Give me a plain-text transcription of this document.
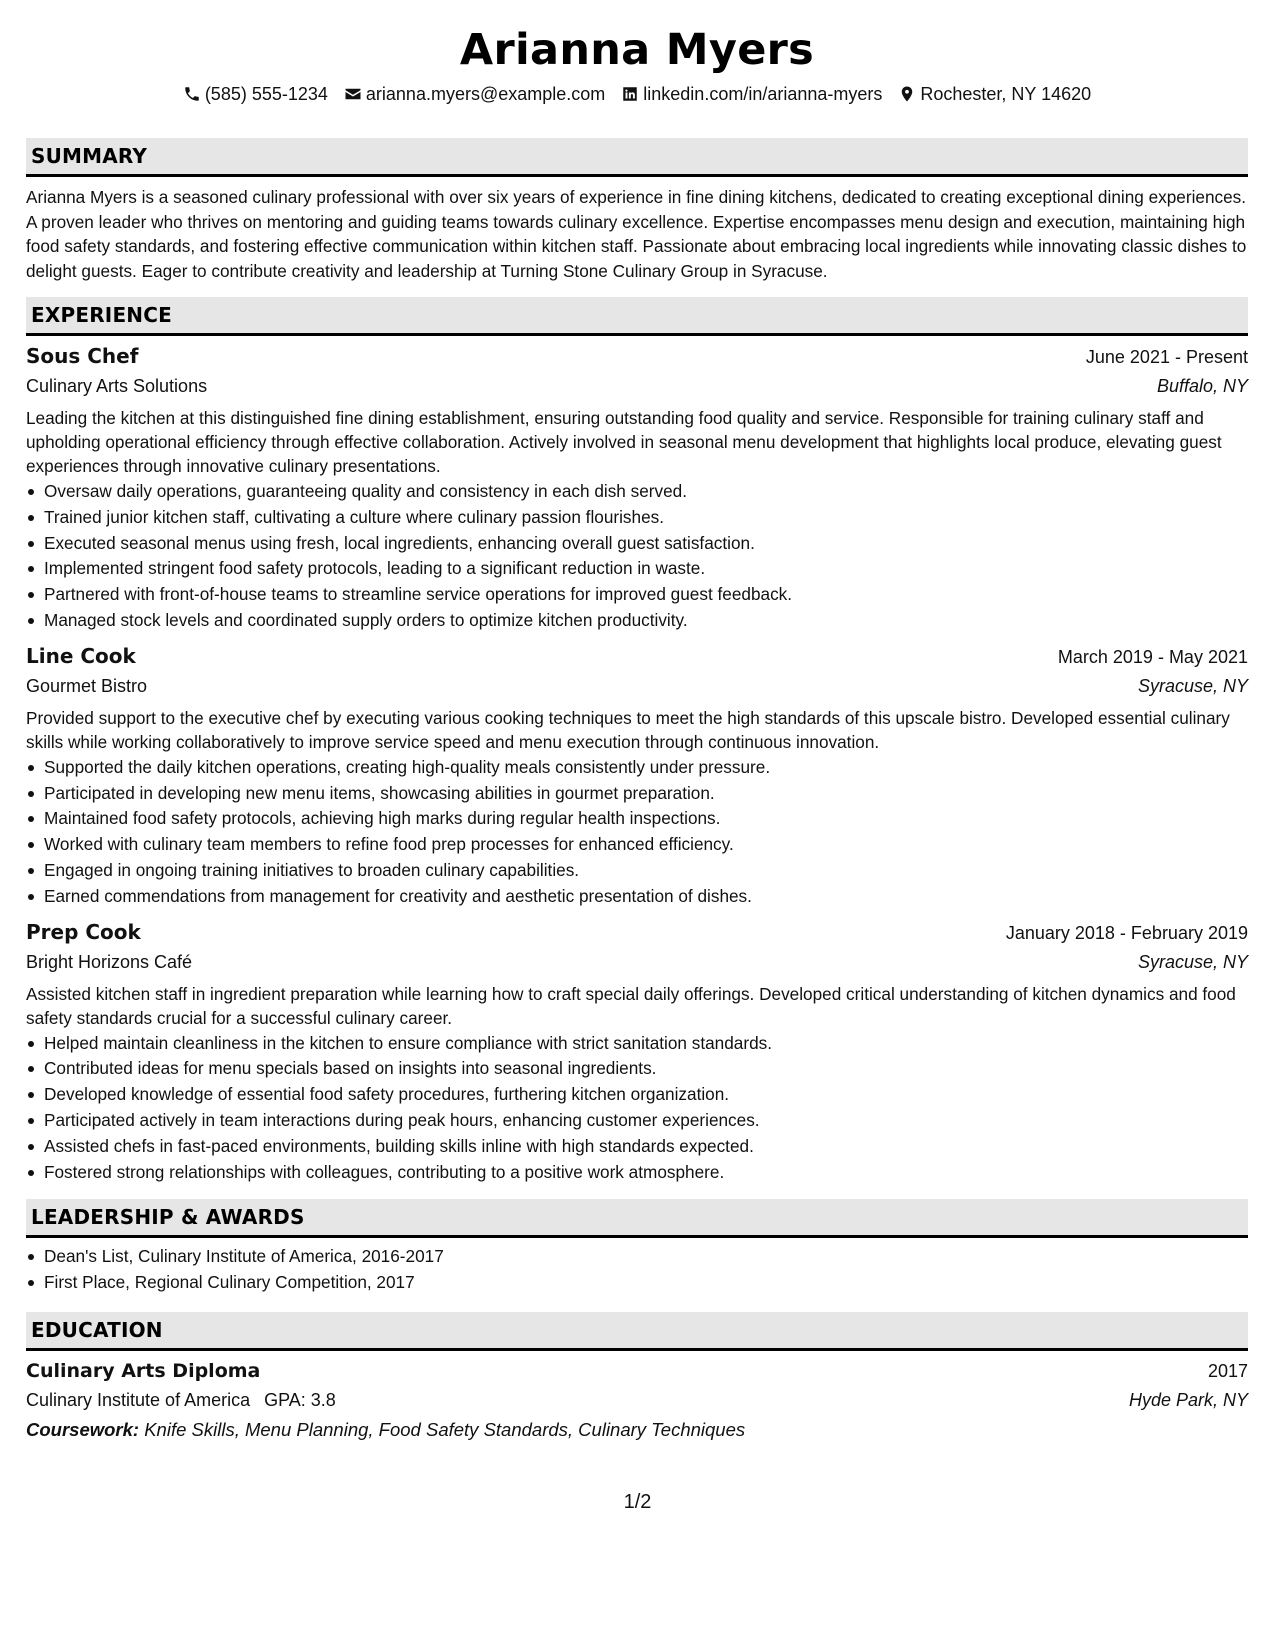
Arianna Myers
(585) 555-1234 arianna.myers@example.com linkedin.com/in/arianna-myers Rochester, NY 14620
SUMMARY

Arianna Myers is a seasoned culinary professional with over six years of experience in fine dining kitchens, dedicated to creating exceptional dining experiences. A proven leader who thrives on mentoring and guiding teams towards culinary excellence. Expertise encompasses menu design and execution, maintaining high food safety standards, and fostering effective communication within kitchen staff. Passionate about embracing local ingredients while innovating classic dishes to delight guests. Eager to contribute creativity and leadership at Turning Stone Culinary Group in Syracuse.

EXPERIENCE
Sous Chef	June 2021 - Present
Culinary Arts Solutions	Buffalo, NY

Leading the kitchen at this distinguished fine dining establishment, ensuring outstanding food quality and service. Responsible for training culinary staff and upholding operational efficiency through effective collaboration. Actively involved in seasonal menu development that highlights local produce, elevating guest experiences through innovative culinary presentations.

Oversaw daily operations, guaranteeing quality and consistency in each dish served.
Trained junior kitchen staff, cultivating a culture where culinary passion flourishes.
Executed seasonal menus using fresh, local ingredients, enhancing overall guest satisfaction.
Implemented stringent food safety protocols, leading to a significant reduction in waste.
Partnered with front-of-house teams to streamline service operations for improved guest feedback.
Managed stock levels and coordinated supply orders to optimize kitchen productivity.
Line Cook	March 2019 - May 2021
Gourmet Bistro	Syracuse, NY

Provided support to the executive chef by executing various cooking techniques to meet the high standards of this upscale bistro. Developed essential culinary skills while working collaboratively to improve service speed and menu execution through continuous innovation.

Supported the daily kitchen operations, creating high-quality meals consistently under pressure.
Participated in developing new menu items, showcasing abilities in gourmet preparation.
Maintained food safety protocols, achieving high marks during regular health inspections.
Worked with culinary team members to refine food prep processes for enhanced efficiency.
Engaged in ongoing training initiatives to broaden culinary capabilities.
Earned commendations from management for creativity and aesthetic presentation of dishes.
Prep Cook	January 2018 - February 2019
Bright Horizons Café	Syracuse, NY

Assisted kitchen staff in ingredient preparation while learning how to craft special daily offerings. Developed critical understanding of kitchen dynamics and food safety standards crucial for a successful culinary career.

Helped maintain cleanliness in the kitchen to ensure compliance with strict sanitation standards.
Contributed ideas for menu specials based on insights into seasonal ingredients.
Developed knowledge of essential food safety procedures, furthering kitchen organization.
Participated actively in team interactions during peak hours, enhancing customer experiences.
Assisted chefs in fast-paced environments, building skills inline with high standards expected.
Fostered strong relationships with colleagues, contributing to a positive work atmosphere.
LEADERSHIP & AWARDS
Dean's List, Culinary Institute of America, 2016-2017
First Place, Regional Culinary Competition, 2017
EDUCATION
Culinary Arts Diploma	2017
Culinary Institute of America GPA: 3.8	Hyde Park, NY
Coursework: Knife Skills, Menu Planning, Food Safety Standards, Culinary Techniques
1/2
